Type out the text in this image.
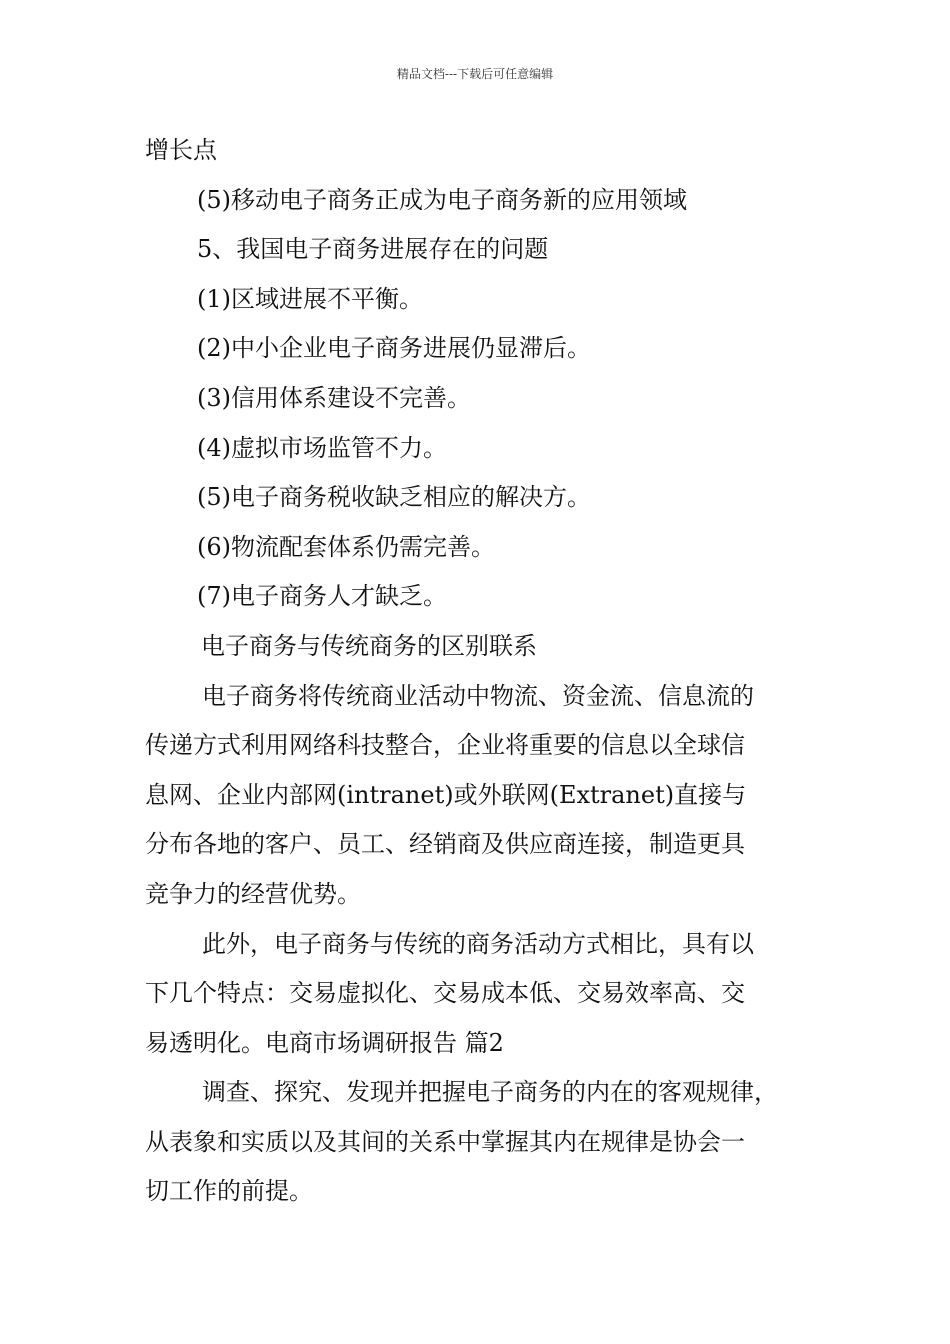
精品文档---下载后可任意编辑

增长点

(5)移动电子商务正成为电子商务新的应用领域

5、我国电子商务进展存在的问题

(1)区域进展不平衡。

(2)中小企业电子商务进展仍显滞后。

(3)信用体系建设不完善。

(4)虚拟市场监管不力。

(5)电子商务税收缺乏相应的解决方。

(6)物流配套体系仍需完善。

(7)电子商务人才缺乏。

电子商务与传统商务的区别联系

电子商务将传统商业活动中物流、资金流、信息流的

传递方式利用网络科技整合，企业将重要的信息以全球信

息网、企业内部网(intranet)或外联网(Extranet)直接与

分布各地的客户、员工、经销商及供应商连接，制造更具

竞争力的经营优势。

此外，电子商务与传统的商务活动方式相比，具有以

下几个特点：交易虚拟化、交易成本低、交易效率高、交

易透明化。电商市场调研报告 篇2

调查、探究、发现并把握电子商务的内在的客观规律，

从表象和实质以及其间的关系中掌握其内在规律是协会一

切工作的前提。
